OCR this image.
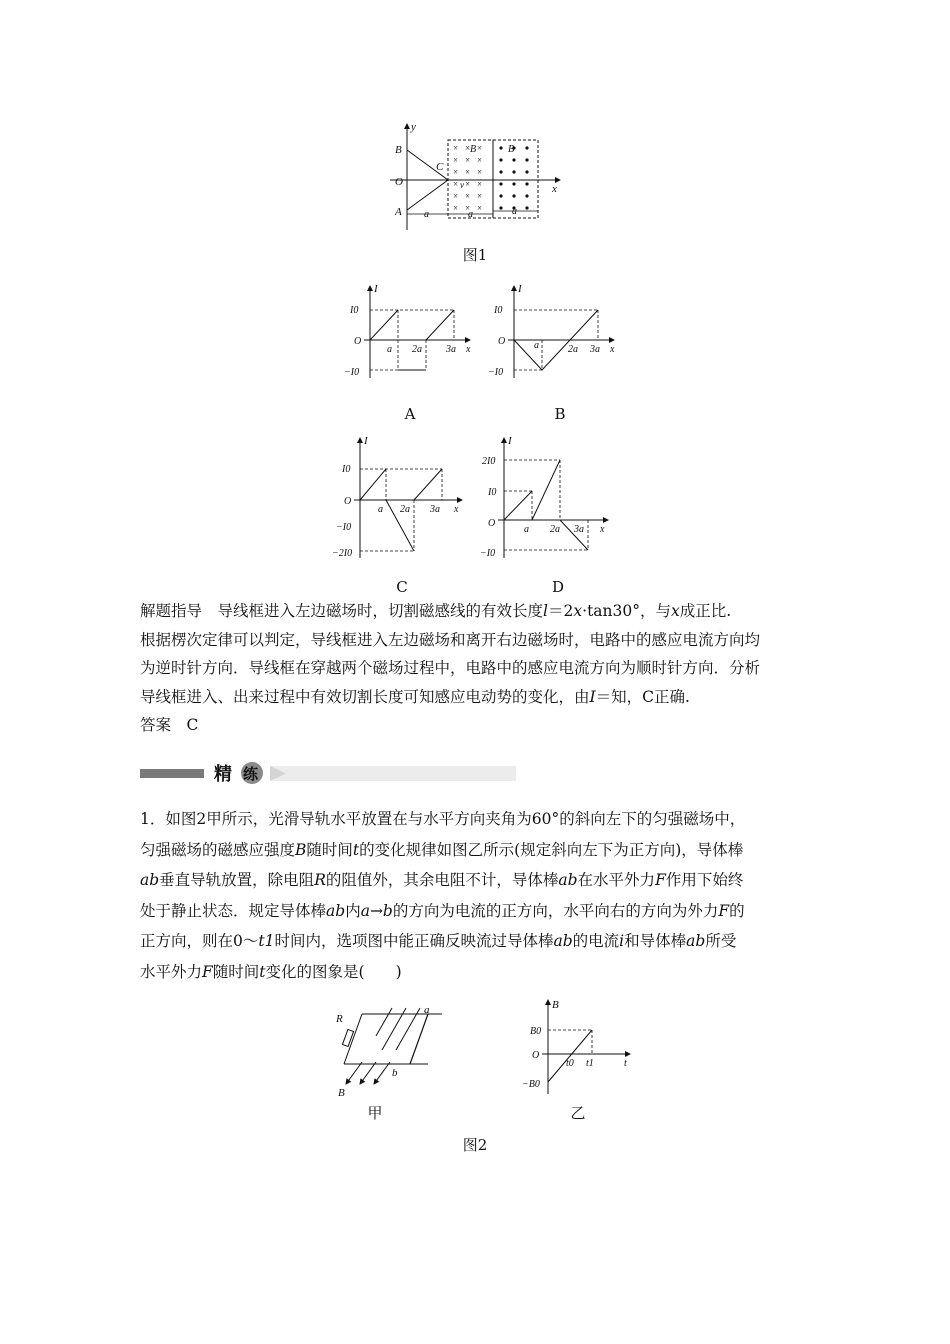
y
x
B
O
A
C
× × ×
× × ×
× × ×
× × ×
× × ×
× × ×
B	B
v
a	a	a
图1
I
x
I0
O
−I0
a 2a 3a
A
I
x
I0
O
−I0
a	2a 3a
B
I
x
I0
O
−I0
−2I0
a 2a 3a
C
I
x
2I0
I0
O
−I0
a 2a 3a
D

解题指导　 导线框进入左边磁场时，切割磁感线的有效长度l＝2x·tan30°，与x成正比.

根据楞次定律可以判定，导线框进入左边磁场和离开右边磁场时，电路中的感应电流方向均

为逆时针方向．导线框在穿越两个磁场过程中，电路中的感应电流方向为顺时针方向．分析

导线框进入、出来过程中有效切割长度可知感应电动势的变化，由I＝知，C正确.

答案　 C

精 练

1．如图2甲所示，光滑导轨水平放置在与水平方向夹角为60°的斜向左下的匀强磁场中，

匀强磁场的磁感应强度B随时间t的变化规律如图乙所示(规定斜向左下为正方向)，导体棒

ab垂直导轨放置，除电阻R的阻值外，其余电阻不计，导体棒ab在水平外力F作用下始终

处于静止状态．规定导体棒ab内a→b的方向为电流的正方向，水平向右的方向为外力F的

正方向，则在0～t1时间内，选项图中能正确反映流过导体棒ab的电流i和导体棒ab所受

水平外力F随时间t变化的图象是(　　)

R
a
b
B
甲
B
B0
O
−B0
t0 t1	t
乙
图2
